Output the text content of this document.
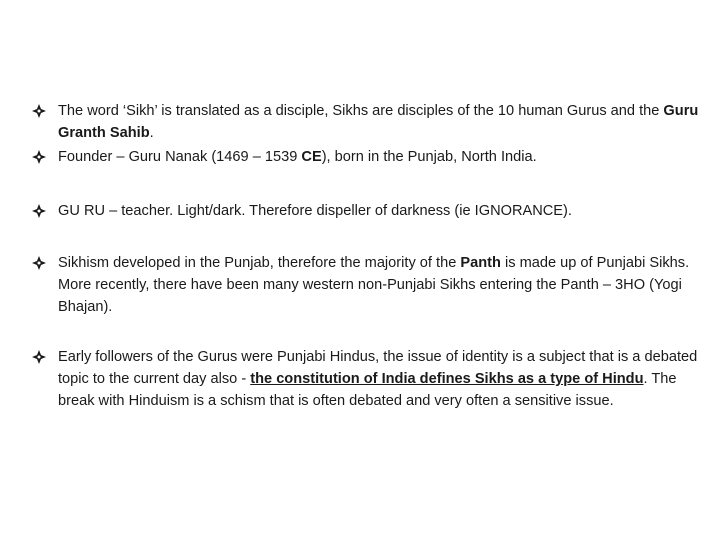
The word ‘Sikh’ is translated as a disciple, Sikhs are disciples of the 10 human Gurus and the Guru Granth Sahib.
Founder – Guru Nanak (1469 – 1539 CE), born in the Punjab, North India.
GU RU – teacher. Light/dark. Therefore dispeller of darkness (ie IGNORANCE).
Sikhism developed in the Punjab, therefore the majority of the Panth is made up of Punjabi Sikhs. More recently, there have been many western non-Punjabi Sikhs entering the Panth – 3HO (Yogi Bhajan).
Early followers of the Gurus were Punjabi Hindus, the issue of identity is a subject that is a debated topic to the current day also - the constitution of India defines Sikhs as a type of Hindu. The break with Hinduism is a schism that is often debated and very often a sensitive issue.
